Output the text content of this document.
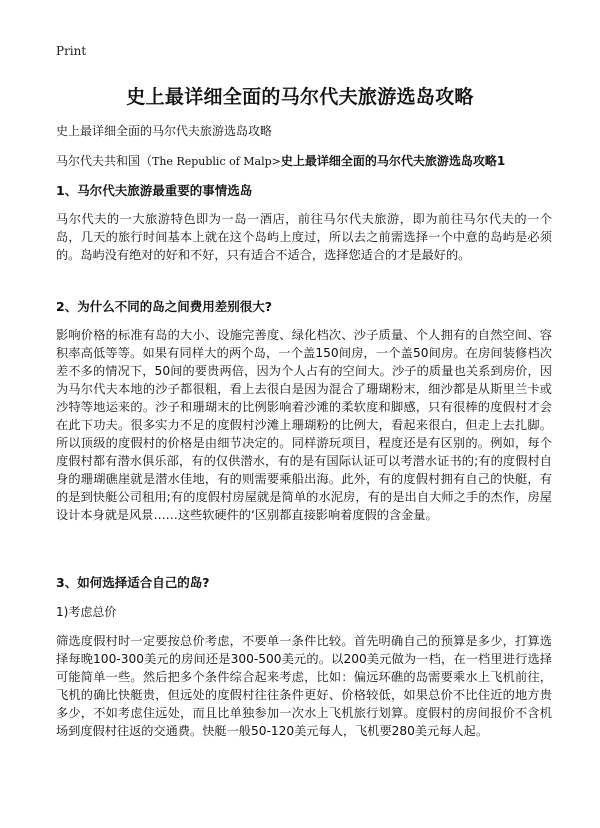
Print
史上最详细全面的马尔代夫旅游选岛攻略
史上最详细全面的马尔代夫旅游选岛攻略
马尔代夫共和国（The Republic of Malp>史上最详细全面的马尔代夫旅游选岛攻略1
1、马尔代夫旅游最重要的事情选岛
马尔代夫的一大旅游特色即为一岛一酒店，前往马尔代夫旅游，即为前往马尔代夫的一个岛，几天的旅行时间基本上就在这个岛屿上度过，所以去之前需选择一个中意的岛屿是必须的。岛屿没有绝对的好和不好，只有适合不适合，选择您适合的才是最好的。
2、为什么不同的岛之间费用差别很大?
影响价格的标准有岛的大小、设施完善度、绿化档次、沙子质量、个人拥有的自然空间、容积率高低等等。如果有同样大的两个岛，一个盖150间房，一个盖50间房。在房间装修档次差不多的情况下，50间的要贵两倍，因为个人占有的空间大。沙子的质量也关系到房价，因为马尔代夫本地的沙子都很粗，看上去很白是因为混合了珊瑚粉末，细沙都是从斯里兰卡或沙特等地运来的。沙子和珊瑚末的比例影响着沙滩的柔软度和脚感，只有很棒的度假村才会在此下功夫。很多实力不足的度假村沙滩上珊瑚粉的比例大，看起来很白，但走上去扎脚。所以顶级的度假村的价格是由细节决定的。同样游玩项目，程度还是有区别的。例如，每个度假村都有潜水俱乐部，有的仅供潜水，有的是有国际认证可以考潜水证书的;有的度假村自身的珊瑚礁崖就是潜水佳地，有的则需要乘船出海。此外，有的度假村拥有自己的快艇，有的是到快艇公司租用;有的度假村房屋就是简单的水泥房，有的是出自大师之手的杰作，房屋设计本身就是风景……这些软硬件的‘区别都直接影响着度假的含金量。
3、如何选择适合自己的岛?
1)考虑总价
筛选度假村时一定要按总价考虑，不要单一条件比较。首先明确自己的预算是多少，打算选择每晚100-300美元的房间还是300-500美元的。以200美元做为一档，在一档里进行选择可能简单一些。然后把多个条件综合起来考虑，比如：偏远环礁的岛需要乘水上飞机前往，飞机的确比快艇贵，但远处的度假村往往条件更好、价格较低，如果总价不比住近的地方贵多少，不如考虑住远处，而且比单独参加一次水上飞机旅行划算。度假村的房间报价不含机场到度假村往返的交通费。快艇一般50-120美元每人，飞机要280美元每人起。
